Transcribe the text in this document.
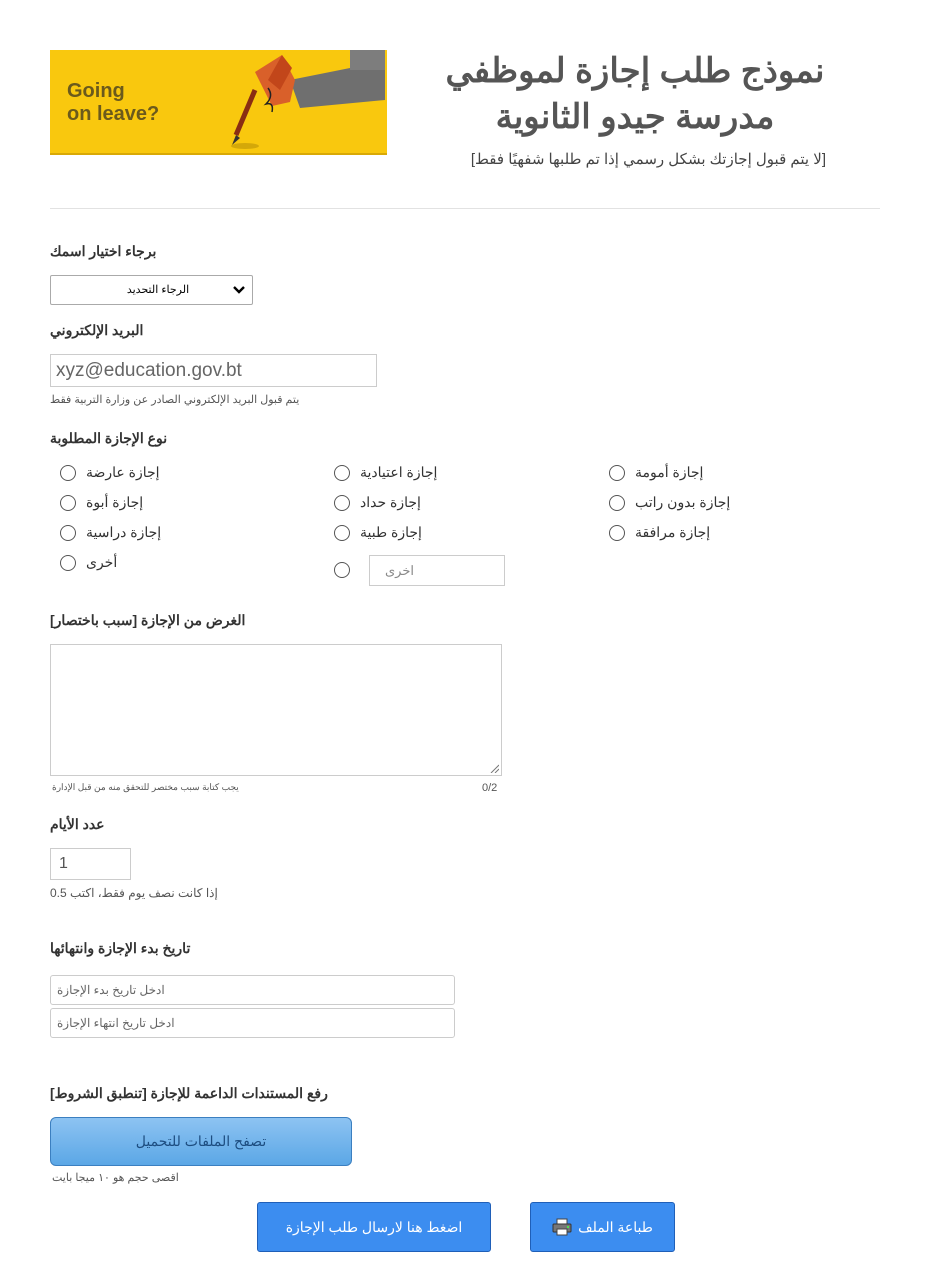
Going
on leave?
نموذج طلب إجازة لموظفي مدرسة جيدو الثانوية
[لا يتم قبول إجازتك بشكل رسمي إذا تم طلبها شفهيًا فقط]
برجاء اختيار اسمك
الرجاء التحديد
البريد الإلكتروني
xyz@education.gov.bt
يتم قبول البريد الإلكتروني الصادر عن وزارة التربية فقط
نوع الإجازة المطلوبة
إجازة عارضة
إجازة أبوة
إجازة دراسية
أخرى
إجازة اعتيادية
إجازة حداد
إجازة طبية
اخرى
إجازة أمومة
إجازة بدون راتب
إجازة مرافقة
الغرض من الإجازة [سبب باختصار]
يجب كتابة سبب مختصر للتحقق منه من قبل الإدارة	0/2
عدد الأيام
1
إذا كانت نصف يوم فقط، اكتب 0.5
تاريخ بدء الإجازة وانتهائها
ادخل تاريخ بدء الإجازة
ادخل تاريخ انتهاء الإجازة
رفع المستندات الداعمة للإجازة [تنطبق الشروط]
تصفح الملفات للتحميل
اقصى حجم هو ١٠ ميجا بايت
اضغط هنا لارسال طلب الإجازة	طباعة الملف
